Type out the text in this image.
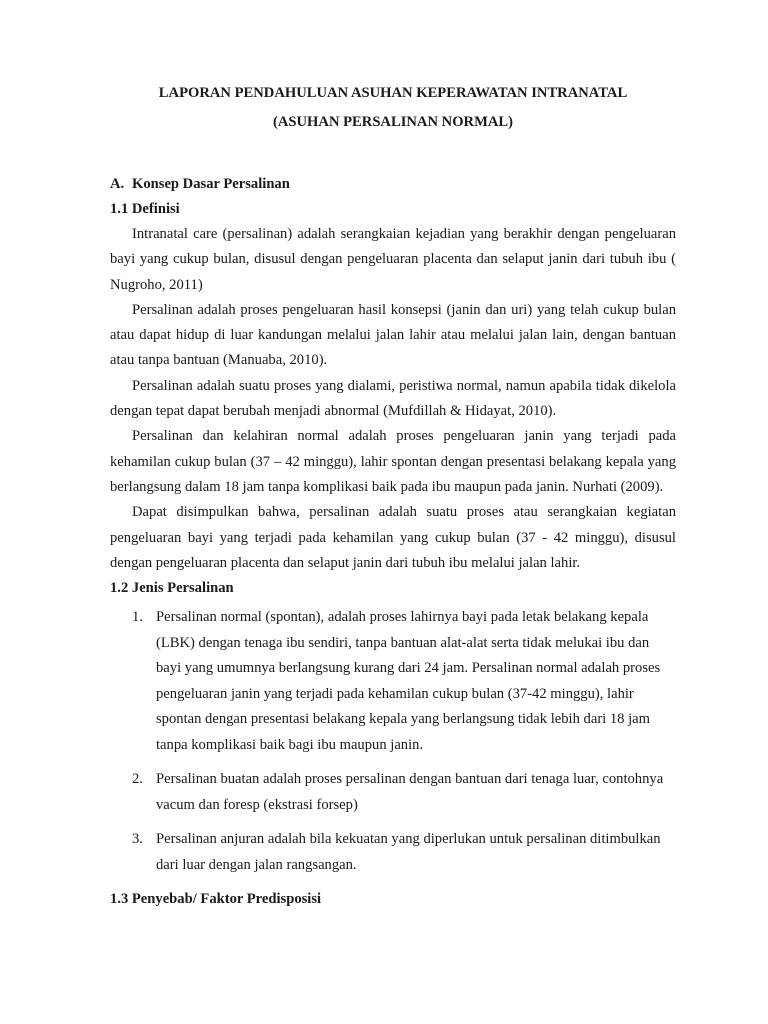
LAPORAN PENDAHULUAN ASUHAN KEPERAWATAN INTRANATAL

(ASUHAN PERSALINAN NORMAL)

A. Konsep Dasar Persalinan

1.1 Definisi

Intranatal care (persalinan) adalah serangkaian kejadian yang berakhir dengan pengeluaran bayi yang cukup bulan, disusul dengan pengeluaran placenta dan selaput janin dari tubuh ibu ( Nugroho, 2011)

Persalinan adalah proses pengeluaran hasil konsepsi (janin dan uri) yang telah cukup bulan atau dapat hidup di luar kandungan melalui jalan lahir atau melalui jalan lain, dengan bantuan atau tanpa bantuan (Manuaba, 2010).

Persalinan adalah suatu proses yang dialami, peristiwa normal, namun apabila tidak dikelola dengan tepat dapat berubah menjadi abnormal (Mufdillah & Hidayat, 2010).

Persalinan dan kelahiran normal adalah proses pengeluaran janin yang terjadi pada kehamilan cukup bulan (37 – 42 minggu), lahir spontan dengan presentasi belakang kepala yang berlangsung dalam 18 jam tanpa komplikasi baik pada ibu maupun pada janin. Nurhati (2009).

Dapat disimpulkan bahwa, persalinan adalah suatu proses atau serangkaian kegiatan pengeluaran bayi yang terjadi pada kehamilan yang cukup bulan (37 - 42 minggu), disusul dengan pengeluaran placenta dan selaput janin dari tubuh ibu melalui jalan lahir.

1.2 Jenis Persalinan

1. Persalinan normal (spontan), adalah proses lahirnya bayi pada letak belakang kepala (LBK) dengan tenaga ibu sendiri, tanpa bantuan alat-alat serta tidak melukai ibu dan bayi yang umumnya berlangsung kurang dari 24 jam. Persalinan normal adalah proses pengeluaran janin yang terjadi pada kehamilan cukup bulan (37-42 minggu), lahir spontan dengan presentasi belakang kepala yang berlangsung tidak lebih dari 18 jam tanpa komplikasi baik bagi ibu maupun janin.
2. Persalinan buatan adalah proses persalinan dengan bantuan dari tenaga luar, contohnya vacum dan foresp (ekstrasi forsep)
3. Persalinan anjuran adalah bila kekuatan yang diperlukan untuk persalinan ditimbulkan dari luar dengan jalan rangsangan.

1.3 Penyebab/ Faktor Predisposisi
